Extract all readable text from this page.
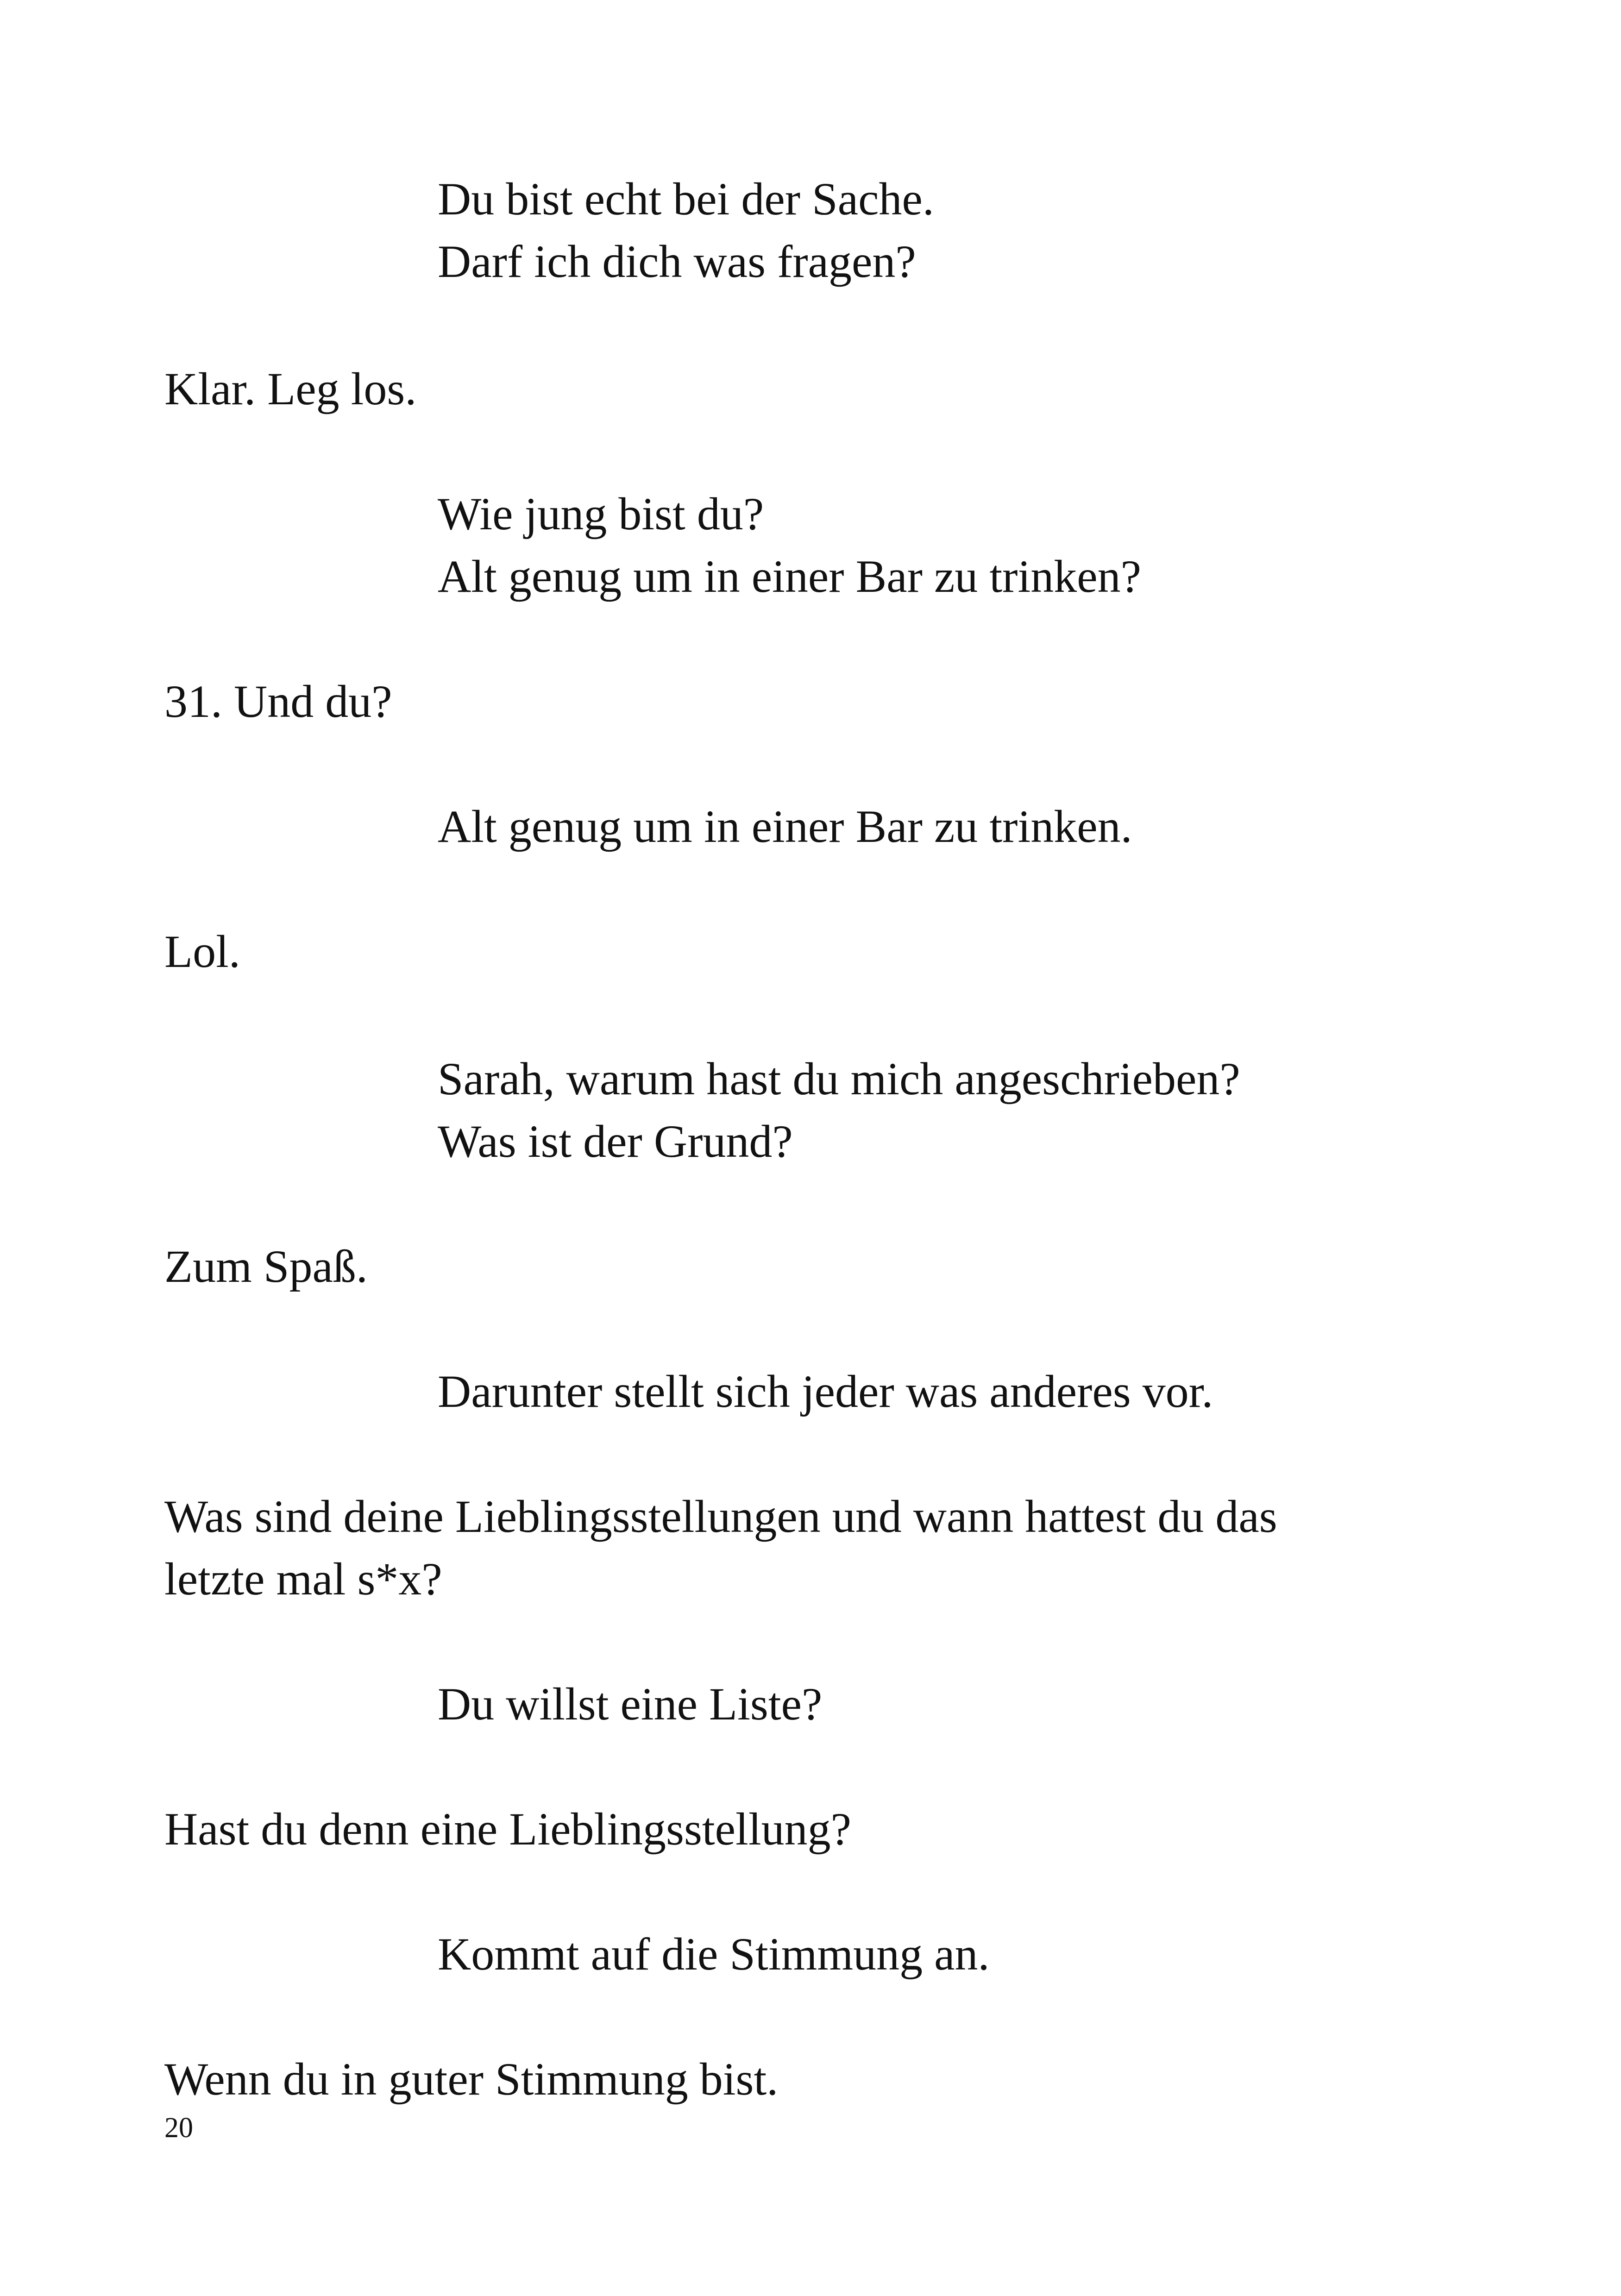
Du bist echt bei der Sache.
Darf ich dich was fragen?
Klar. Leg los.
Wie jung bist du?
Alt genug um in einer Bar zu trinken?
31. Und du?
Alt genug um in einer Bar zu trinken.
Lol.
Sarah, warum hast du mich angeschrieben?
Was ist der Grund?
Zum Spaß.
Darunter stellt sich jeder was anderes vor.
Was sind deine Lieblingsstellungen und wann hattest du das
letzte mal s*x?
Du willst eine Liste?
Hast du denn eine Lieblingsstellung?
Kommt auf die Stimmung an.
Wenn du in guter Stimmung bist.
20
